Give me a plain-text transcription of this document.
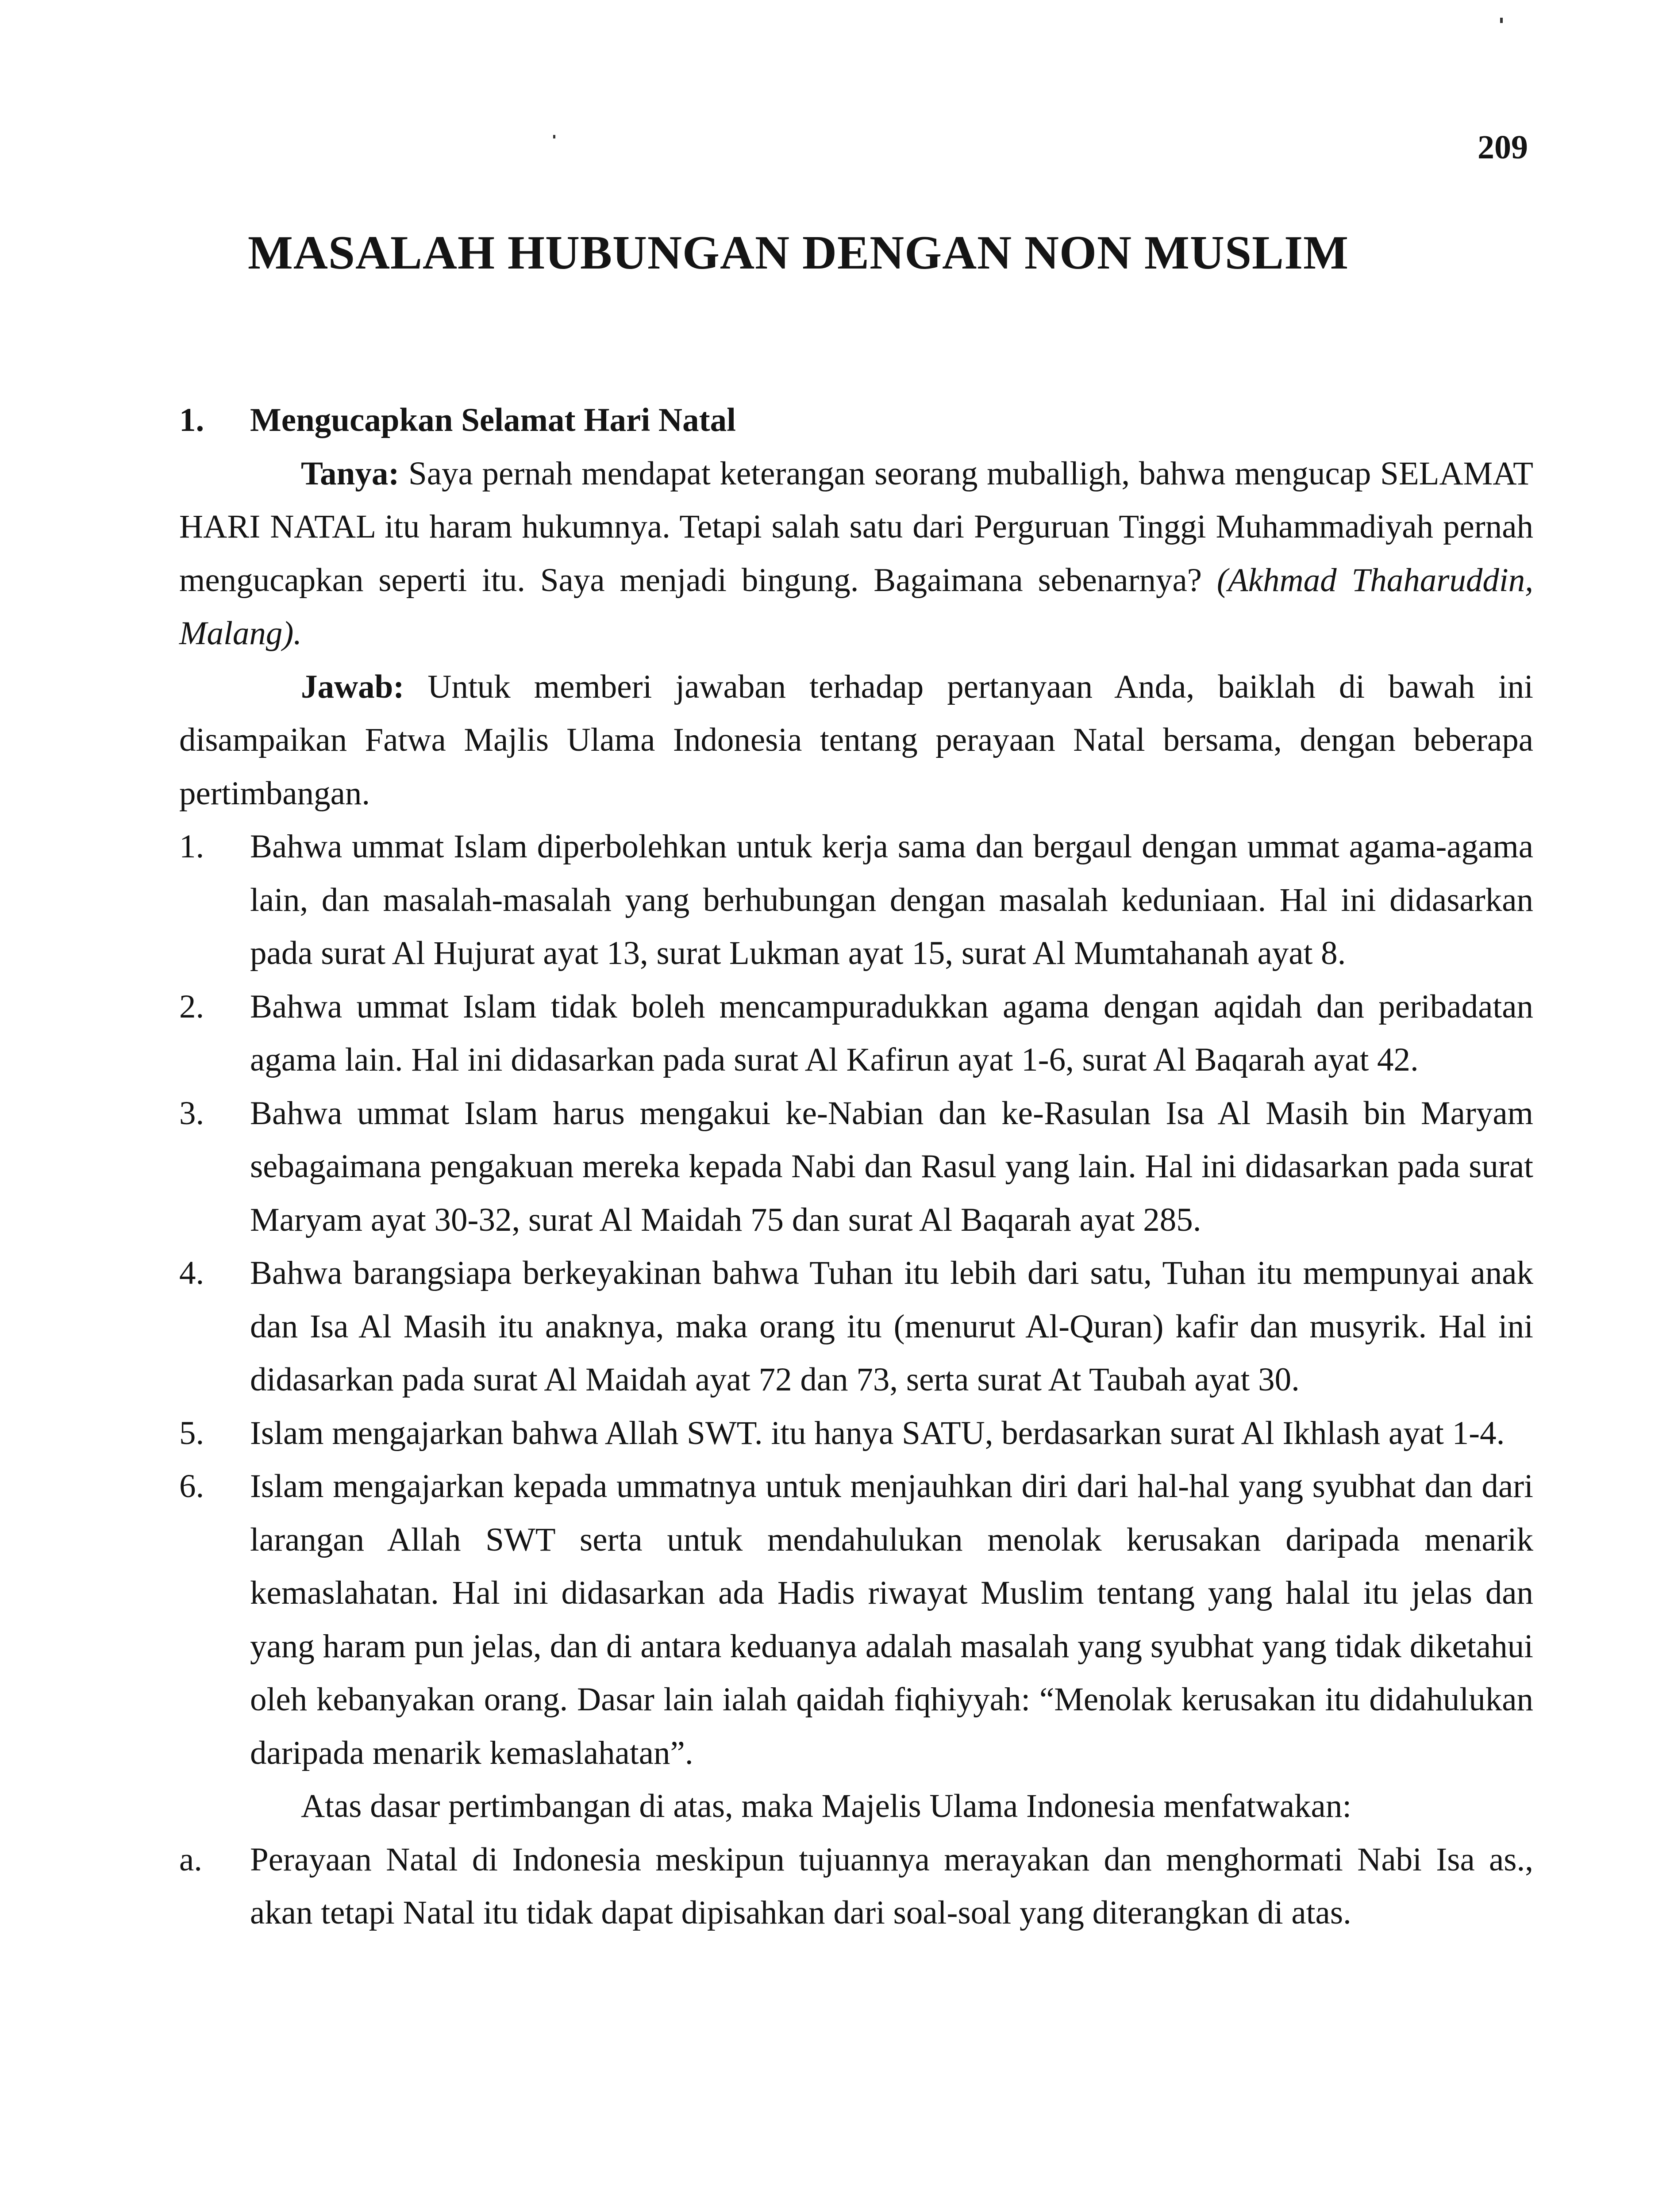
209
MASALAH HUBUNGAN DENGAN NON MUSLIM

1. Mengucapkan Selamat Hari Natal

Tanya: Saya pernah mendapat keterangan seorang muballigh, bahwa mengucap SELAMAT HARI NATAL itu haram hukumnya. Tetapi salah satu dari Perguruan Tinggi Muhammadiyah pernah mengucapkan seperti itu. Saya menjadi bingung. Bagaimana sebenarnya? (Akhmad Thaharuddin, Malang).

Jawab: Untuk memberi jawaban terhadap pertanyaan Anda, baiklah di bawah ini disampaikan Fatwa Majlis Ulama Indonesia tentang perayaan Natal bersama, dengan beberapa pertimbangan.

1. Bahwa ummat Islam diperbolehkan untuk kerja sama dan bergaul dengan ummat agama-agama lain, dan masalah-masalah yang berhubungan dengan masalah keduniaan. Hal ini didasarkan pada surat Al Hujurat ayat 13, surat Lukman ayat 15, surat Al Mumtahanah ayat 8.
2. Bahwa ummat Islam tidak boleh mencampuradukkan agama dengan aqidah dan peribadatan agama lain. Hal ini didasarkan pada surat Al Kafirun ayat 1-6, surat Al Baqarah ayat 42.
3. Bahwa ummat Islam harus mengakui ke-Nabian dan ke-Rasulan Isa Al Masih bin Maryam sebagaimana pengakuan mereka kepada Nabi dan Rasul yang lain. Hal ini didasarkan pada surat Maryam ayat 30-32, surat Al Maidah 75 dan surat Al Baqarah ayat 285.
4. Bahwa barangsiapa berkeyakinan bahwa Tuhan itu lebih dari satu, Tuhan itu mempunyai anak dan Isa Al Masih itu anaknya, maka orang itu (menurut Al-Quran) kafir dan musyrik. Hal ini didasarkan pada surat Al Maidah ayat 72 dan 73, serta surat At Taubah ayat 30.
5. Islam mengajarkan bahwa Allah SWT. itu hanya SATU, berdasarkan surat Al Ikhlash ayat 1-4.
6. Islam mengajarkan kepada ummatnya untuk menjauhkan diri dari hal-hal yang syubhat dan dari larangan Allah SWT serta untuk mendahulukan menolak kerusakan daripada menarik kemaslahatan. Hal ini didasarkan ada Hadis riwayat Muslim tentang yang halal itu jelas dan yang haram pun jelas, dan di antara keduanya adalah masalah yang syubhat yang tidak diketahui oleh kebanyakan orang. Dasar lain ialah qaidah fiqhiyyah: “Menolak kerusakan itu didahulukan daripada menarik kemaslahatan”.

Atas dasar pertimbangan di atas, maka Majelis Ulama Indonesia menfatwakan:

a. Perayaan Natal di Indonesia meskipun tujuannya merayakan dan menghormati Nabi Isa as., akan tetapi Natal itu tidak dapat dipisahkan dari soal-soal yang diterangkan di atas.
